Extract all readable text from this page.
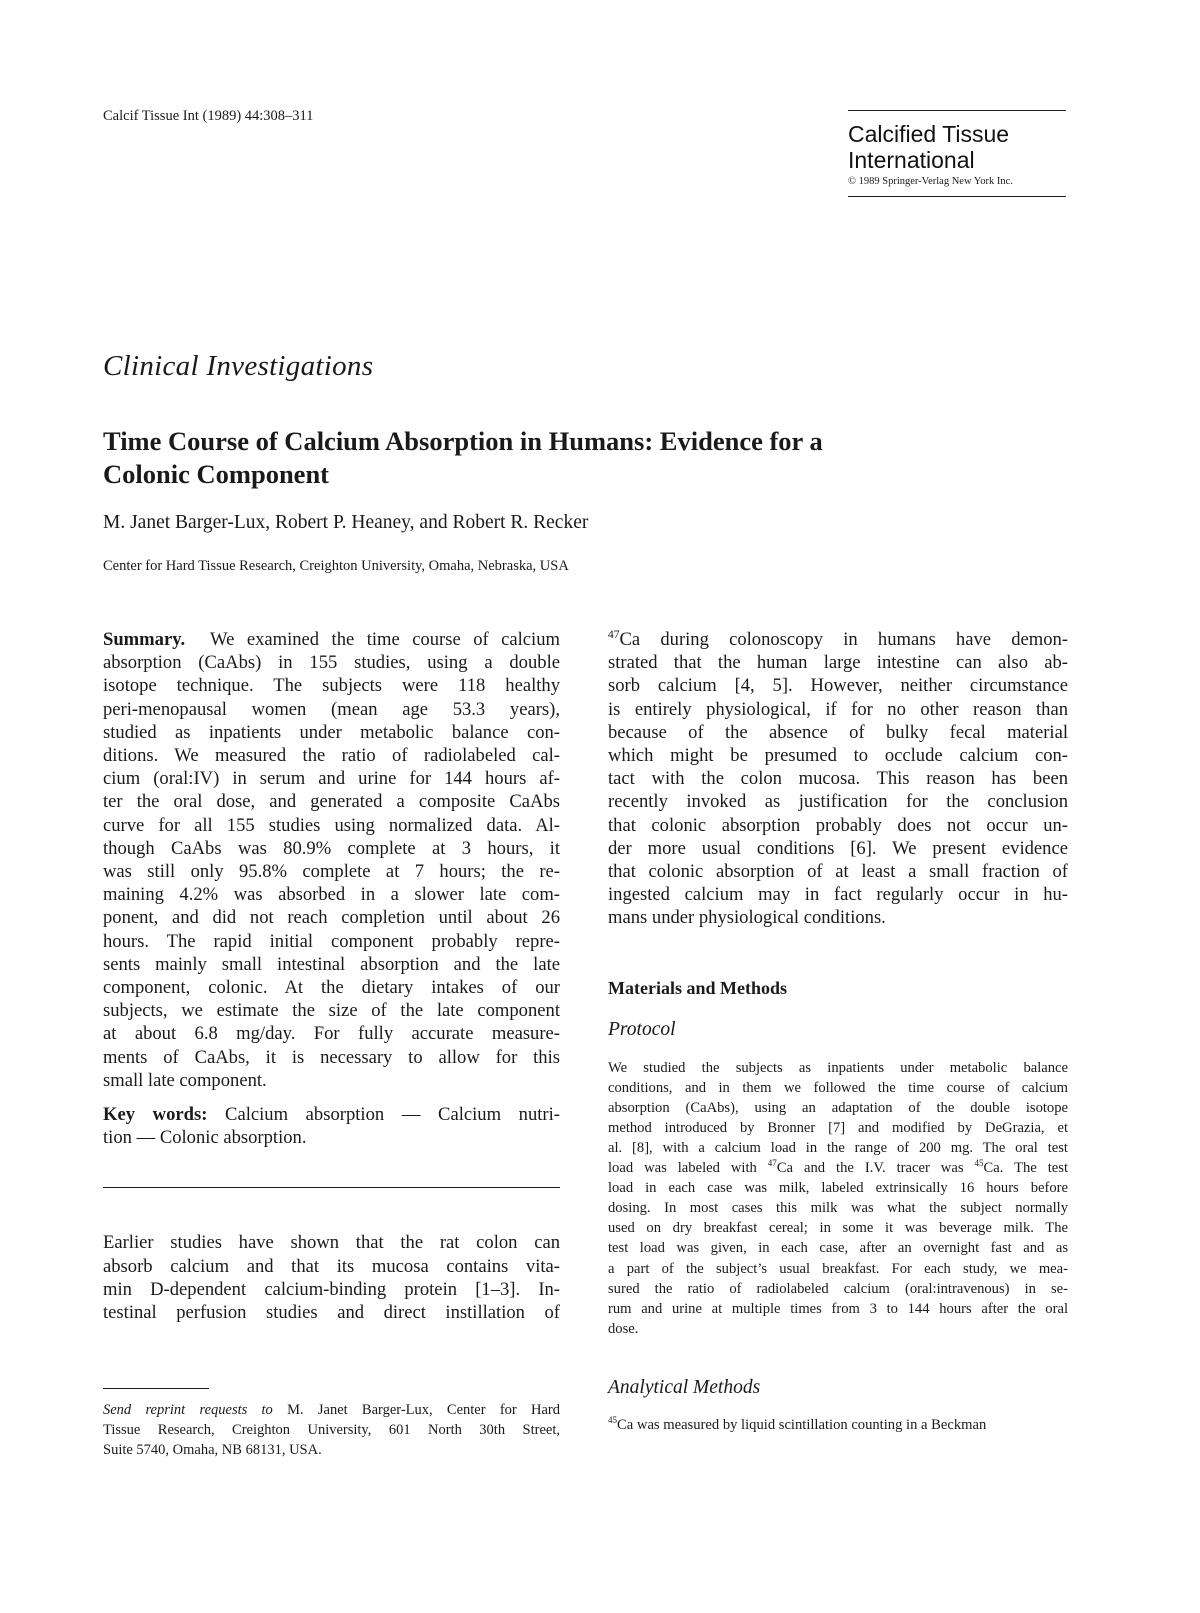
Calcif Tissue Int (1989) 44:308–311
Calcified Tissue
International
© 1989 Springer-Verlag New York Inc.
Clinical Investigations
Time Course of Calcium Absorption in Humans: Evidence for a
Colonic Component
M. Janet Barger-Lux, Robert P. Heaney, and Robert R. Recker
Center for Hard Tissue Research, Creighton University, Omaha, Nebraska, USA
Summary. We examined the time course of calcium
absorption (CaAbs) in 155 studies, using a double
isotope technique. The subjects were 118 healthy
peri-menopausal women (mean age 53.3 years),
studied as inpatients under metabolic balance con-
ditions. We measured the ratio of radiolabeled cal-
cium (oral:IV) in serum and urine for 144 hours af-
ter the oral dose, and generated a composite CaAbs
curve for all 155 studies using normalized data. Al-
though CaAbs was 80.9% complete at 3 hours, it
was still only 95.8% complete at 7 hours; the re-
maining 4.2% was absorbed in a slower late com-
ponent, and did not reach completion until about 26
hours. The rapid initial component probably repre-
sents mainly small intestinal absorption and the late
component, colonic. At the dietary intakes of our
subjects, we estimate the size of the late component
at about 6.8 mg/day. For fully accurate measure-
ments of CaAbs, it is necessary to allow for this
small late component.
Key words: Calcium absorption — Calcium nutri-
tion — Colonic absorption.
Earlier studies have shown that the rat colon can
absorb calcium and that its mucosa contains vita-
min D-dependent calcium-binding protein [1–3]. In-
testinal perfusion studies and direct instillation of
Send reprint requests to M. Janet Barger-Lux, Center for Hard
Tissue Research, Creighton University, 601 North 30th Street,
Suite 5740, Omaha, NB 68131, USA.
$^{47}$Ca during colonoscopy in humans have demon-
strated that the human large intestine can also ab-
sorb calcium [4, 5]. However, neither circumstance
is entirely physiological, if for no other reason than
because of the absence of bulky fecal material
which might be presumed to occlude calcium con-
tact with the colon mucosa. This reason has been
recently invoked as justification for the conclusion
that colonic absorption probably does not occur un-
der more usual conditions [6]. We present evidence
that colonic absorption of at least a small fraction of
ingested calcium may in fact regularly occur in hu-
mans under physiological conditions.
Materials and Methods
Protocol
We studied the subjects as inpatients under metabolic balance
conditions, and in them we followed the time course of calcium
absorption (CaAbs), using an adaptation of the double isotope
method introduced by Bronner [7] and modified by DeGrazia, et
al. [8], with a calcium load in the range of 200 mg. The oral test
load was labeled with $^{47}$Ca and the I.V. tracer was $^{45}$Ca. The test
load in each case was milk, labeled extrinsically 16 hours before
dosing. In most cases this milk was what the subject normally
used on dry breakfast cereal; in some it was beverage milk. The
test load was given, in each case, after an overnight fast and as
a part of the subject’s usual breakfast. For each study, we mea-
sured the ratio of radiolabeled calcium (oral:intravenous) in se-
rum and urine at multiple times from 3 to 144 hours after the oral
dose.
Analytical Methods
$^{45}$Ca was measured by liquid scintillation counting in a Beckman
